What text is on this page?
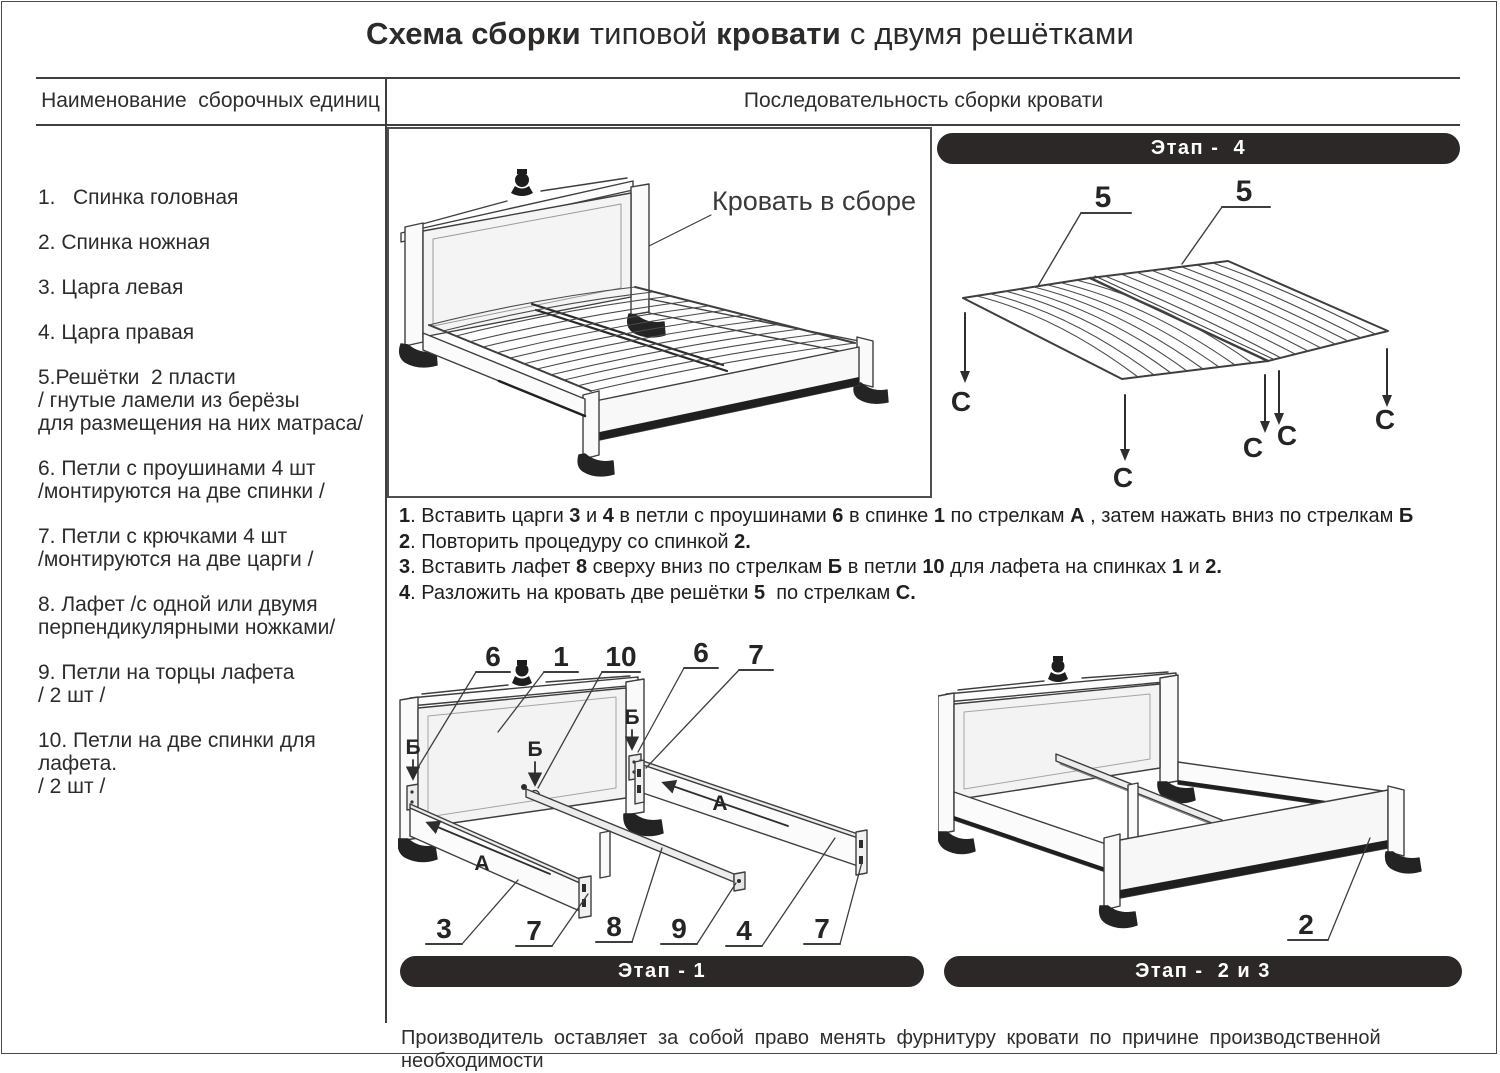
Схема сборки типовой кровати с двумя решётками
Наименование  сборочных единиц	Последовательность сборки кровати
1.   Спинка головная
2. Спинка ножная
3. Царга левая
4. Царга правая
5.Решётки  2 пласти
/ гнутые ламели из берёзы
для размещения на них матраса/
6. Петли с проушинами 4 шт
/монтируются на две спинки /
7. Петли с крючками 4 шт
/монтируются на две царги /
8. Лафет /с одной или двумя
перпендикулярными ножками/
9. Петли на торцы лафета
/ 2 шт /
10. Петли на две спинки для лафета.
/ 2 шт /
Кровать в сборе
Этап -  4
5	5
С
С
С С
С
1. Вставить царги 3 и 4 в петли с проушинами 6 в спинке 1 по стрелкам А , затем нажать вниз по стрелкам Б
2. Повторить процедуру со спинкой 2.
3. Вставить лафет 8 сверху вниз по стрелкам Б в петли 10 для лафета на спинках 1 и 2.
4. Разложить на кровать две решётки 5  по стрелкам С.
6 1 10 6 7
3	7 8 9 4 7
Б	Б
Б
А
А
Этап - 1
2
Этап -  2 и 3
Производитель оставляет за собой право менять фурнитуру кровати по причине производственной необходимости
